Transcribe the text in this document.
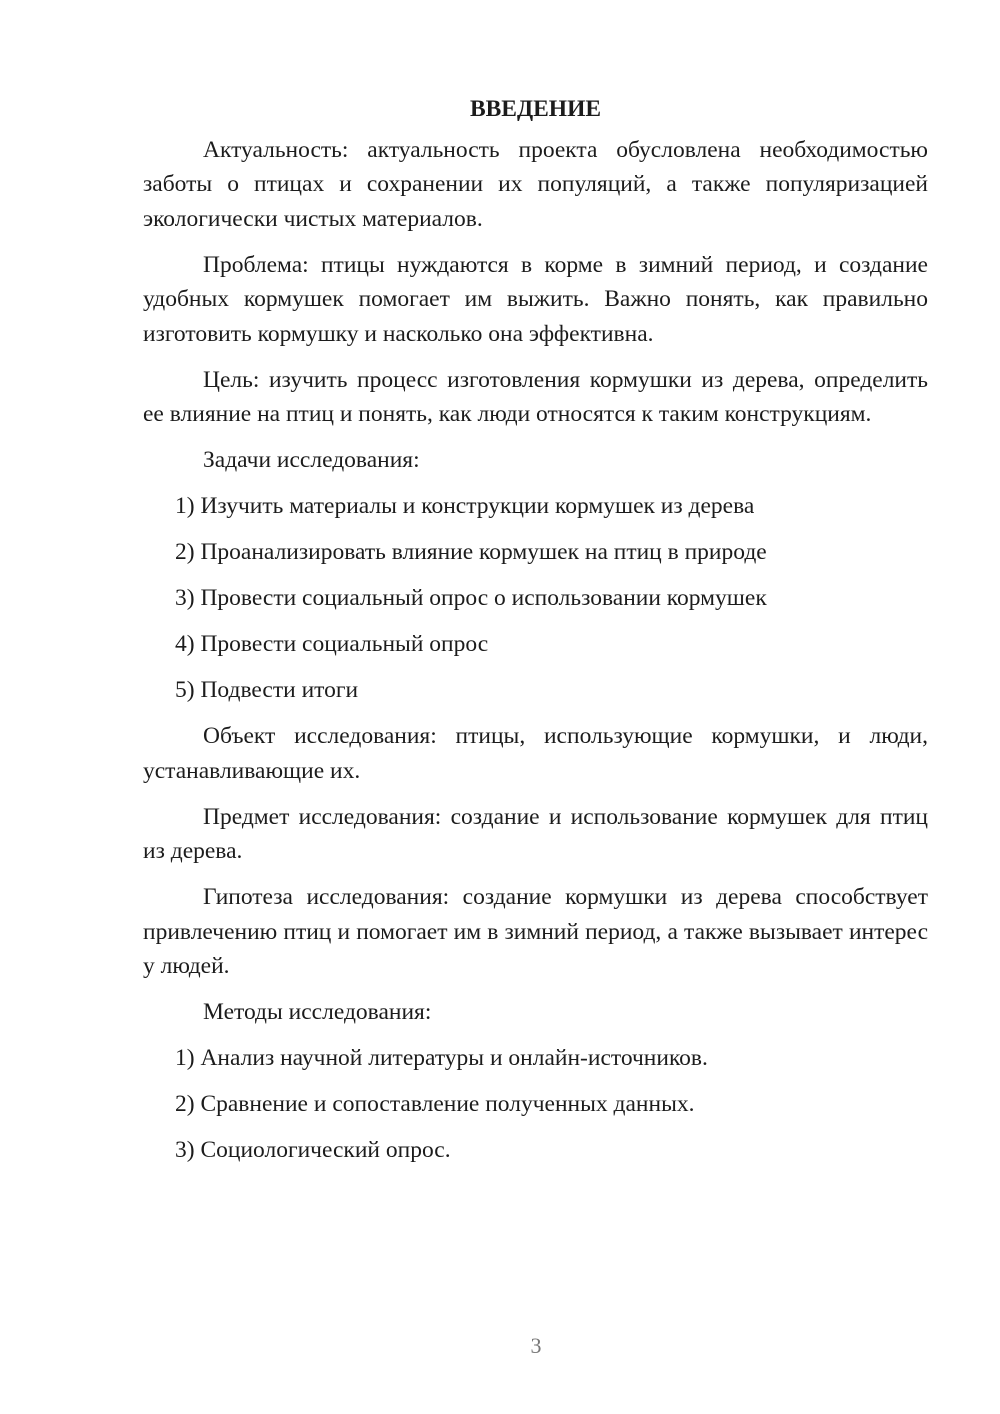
ВВЕДЕНИЕ

Актуальность: актуальность проекта обусловлена необходимостью заботы о птицах и сохранении их популяций, а также популяризацией экологически чистых материалов.

Проблема: птицы нуждаются в корме в зимний период, и создание удобных кормушек помогает им выжить. Важно понять, как правильно изготовить кормушку и насколько она эффективна.

Цель: изучить процесс изготовления кормушки из дерева, определить ее влияние на птиц и понять, как люди относятся к таким конструкциям.

Задачи исследования:

1) Изучить материалы и конструкции кормушек из дерева

2) Проанализировать влияние кормушек на птиц в природе

3) Провести социальный опрос о использовании кормушек

4) Провести социальный опрос

5) Подвести итоги

Объект исследования: птицы, использующие кормушки, и люди, устанавливающие их.

Предмет исследования: создание и использование кормушек для птиц из дерева.

Гипотеза исследования: создание кормушки из дерева способствует привлечению птиц и помогает им в зимний период, а также вызывает интерес у людей.

Методы исследования:

1) Анализ научной литературы и онлайн-источников.

2) Сравнение и сопоставление полученных данных.

3) Социологический опрос.

3
